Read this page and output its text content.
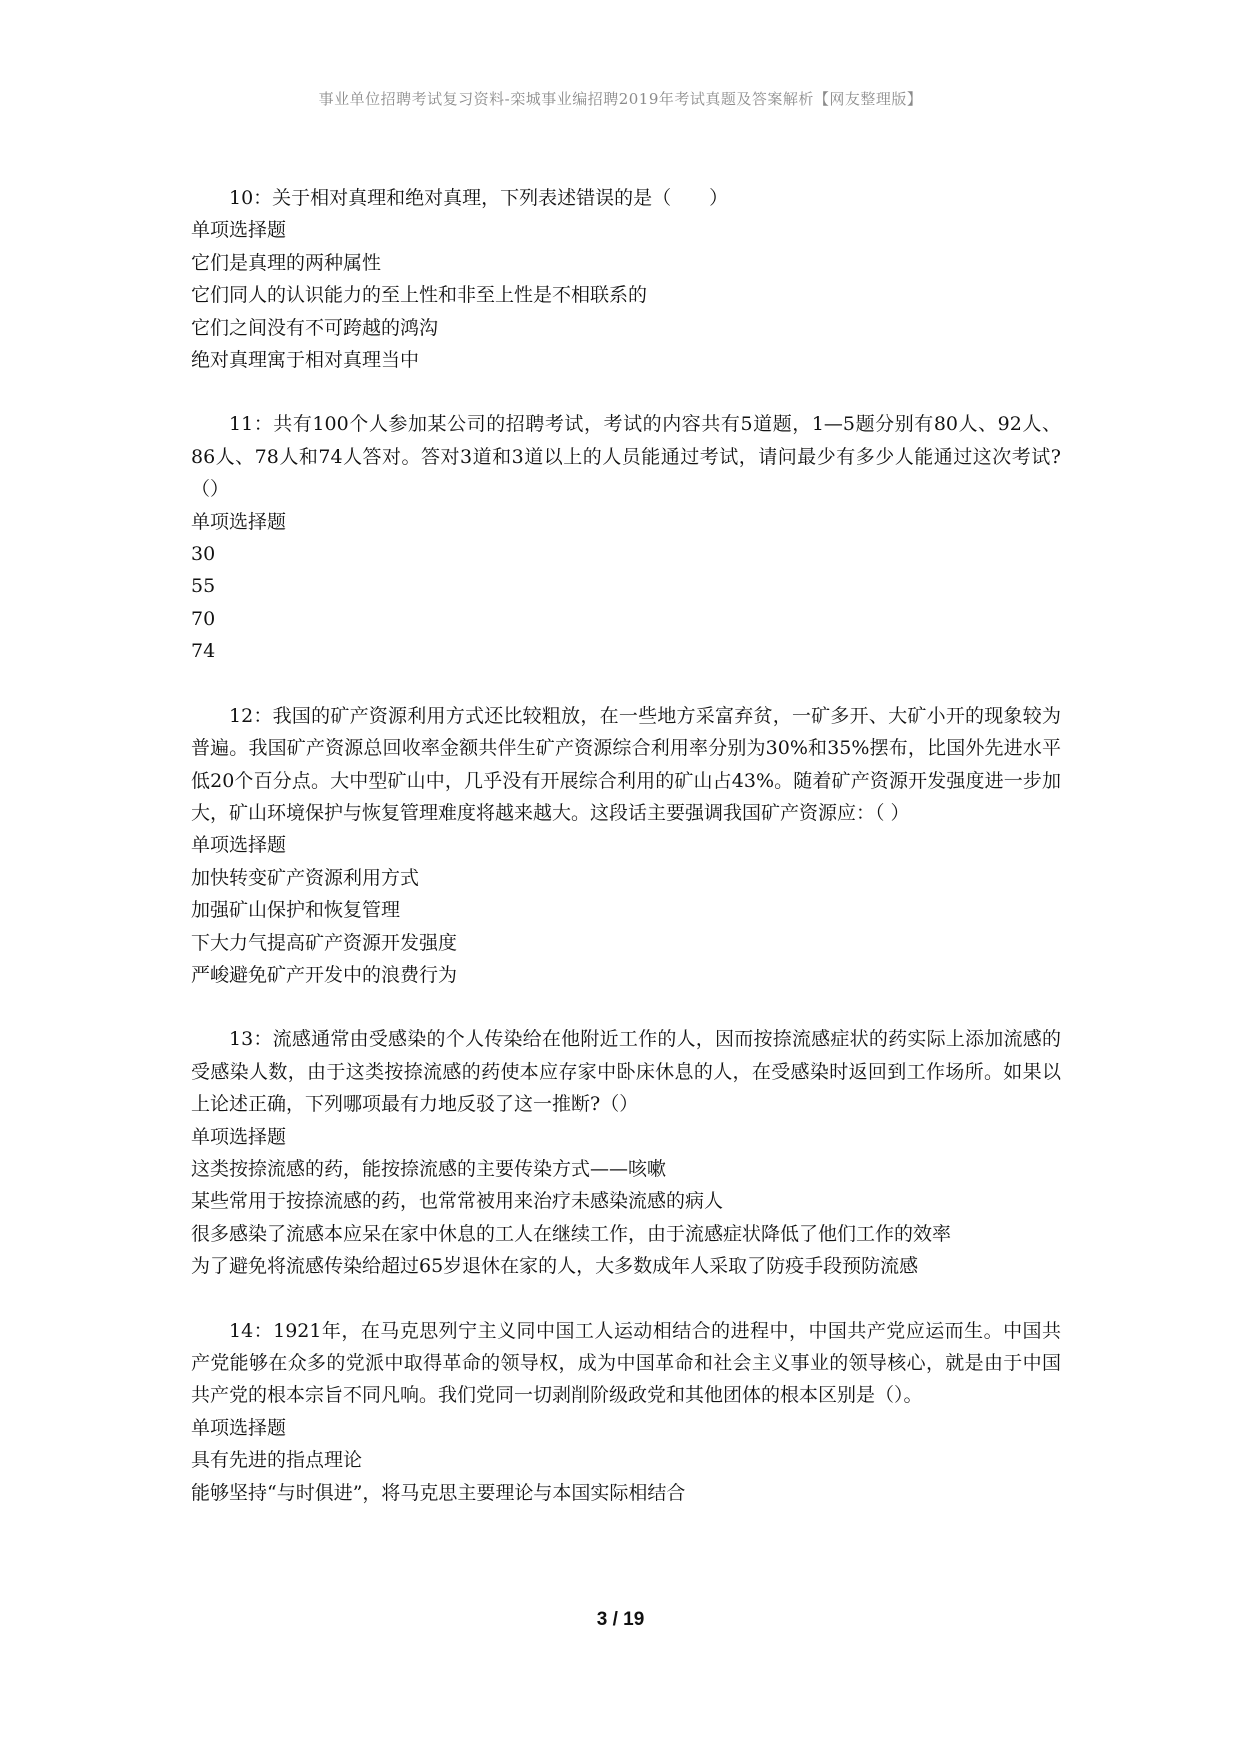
事业单位招聘考试复习资料-栾城事业编招聘2019年考试真题及答案解析【网友整理版】

10：关于相对真理和绝对真理，下列表述错误的是（　　）

单项选择题

它们是真理的两种属性

它们同人的认识能力的至上性和非至上性是不相联系的

它们之间没有不可跨越的鸿沟

绝对真理寓于相对真理当中

11：共有100个人参加某公司的招聘考试，考试的内容共有5道题，1—5题分别有80人、92人、86人、78人和74人答对。答对3道和3道以上的人员能通过考试，请问最少有多少人能通过这次考试?（）

单项选择题

30

55

70

74

12：我国的矿产资源利用方式还比较粗放，在一些地方采富弃贫，一矿多开、大矿小开的现象较为普遍。我国矿产资源总回收率金额共伴生矿产资源综合利用率分别为30%和35%摆布，比国外先进水平低20个百分点。大中型矿山中，几乎没有开展综合利用的矿山占43%。随着矿产资源开发强度进一步加大，矿山环境保护与恢复管理难度将越来越大。这段话主要强调我国矿产资源应：（ ）

单项选择题

加快转变矿产资源利用方式

加强矿山保护和恢复管理

下大力气提高矿产资源开发强度

严峻避免矿产开发中的浪费行为

13：流感通常由受感染的个人传染给在他附近工作的人，因而按捺流感症状的药实际上添加流感的受感染人数，由于这类按捺流感的药使本应存家中卧床休息的人，在受感染时返回到工作场所。如果以上论述正确，下列哪项最有力地反驳了这一推断?（）

单项选择题

这类按捺流感的药，能按捺流感的主要传染方式——咳嗽

某些常用于按捺流感的药，也常常被用来治疗未感染流感的病人

很多感染了流感本应呆在家中休息的工人在继续工作，由于流感症状降低了他们工作的效率

为了避免将流感传染给超过65岁退休在家的人，大多数成年人采取了防疫手段预防流感

14：1921年，在马克思列宁主义同中国工人运动相结合的进程中，中国共产党应运而生。中国共产党能够在众多的党派中取得革命的领导权，成为中国革命和社会主义事业的领导核心，就是由于中国共产党的根本宗旨不同凡响。我们党同一切剥削阶级政党和其他团体的根本区别是（）。

单项选择题

具有先进的指点理论

能够坚持“与时俱进”，将马克思主要理论与本国实际相结合

3 / 19
